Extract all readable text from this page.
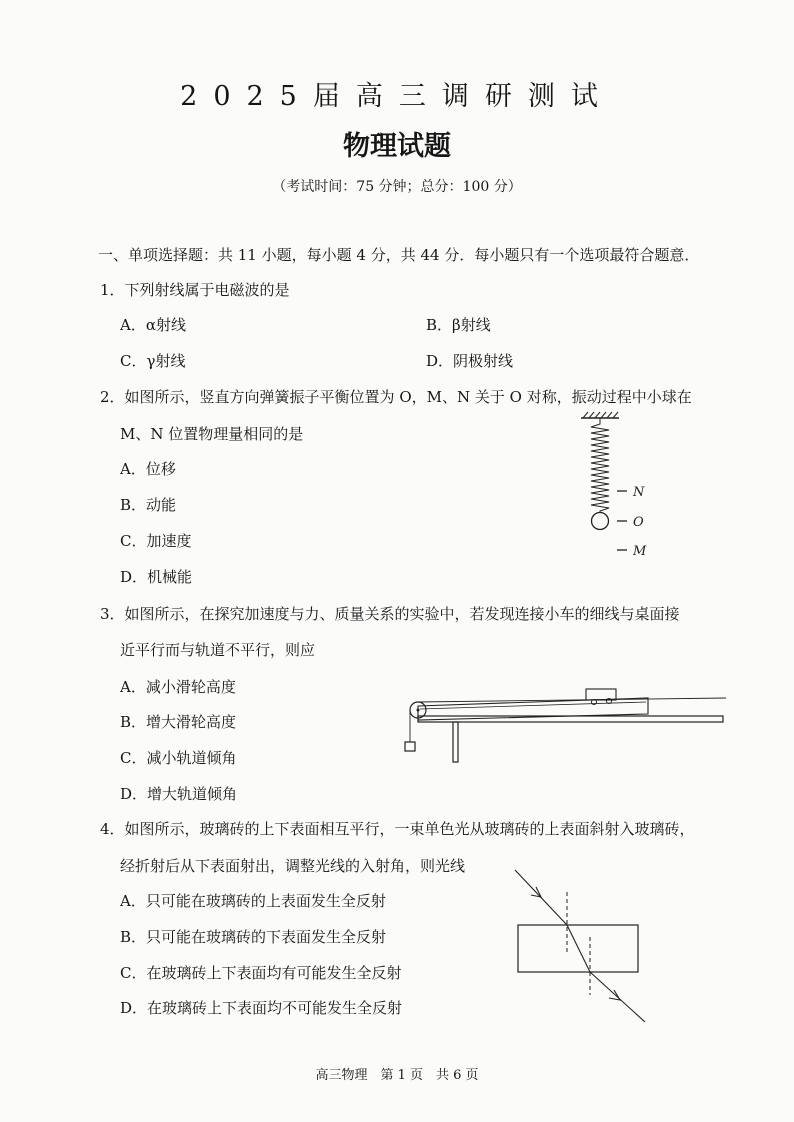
2025届高三调研测试
物理试题
（考试时间：75 分钟；总分：100 分）
一、单项选择题：共 11 小题，每小题 4 分，共 44 分．每小题只有一个选项最符合题意．
1．下列射线属于电磁波的是
A．α射线	B．β射线
C．γ射线	D．阴极射线
2．如图所示，竖直方向弹簧振子平衡位置为 O，M、N 关于 O 对称，振动过程中小球在
M、N 位置物理量相同的是
A．位移
B．动能
C．加速度
D．机械能
N
O
M
3．如图所示，在探究加速度与力、质量关系的实验中，若发现连接小车的细线与桌面接
近平行而与轨道不平行，则应
A．减小滑轮高度
B．增大滑轮高度
C．减小轨道倾角
D．增大轨道倾角
4．如图所示，玻璃砖的上下表面相互平行，一束单色光从玻璃砖的上表面斜射入玻璃砖，
经折射后从下表面射出，调整光线的入射角，则光线
A．只可能在玻璃砖的上表面发生全反射
B．只可能在玻璃砖的下表面发生全反射
C．在玻璃砖上下表面均有可能发生全反射
D．在玻璃砖上下表面均不可能发生全反射
高三物理　第 1 页　共 6 页
